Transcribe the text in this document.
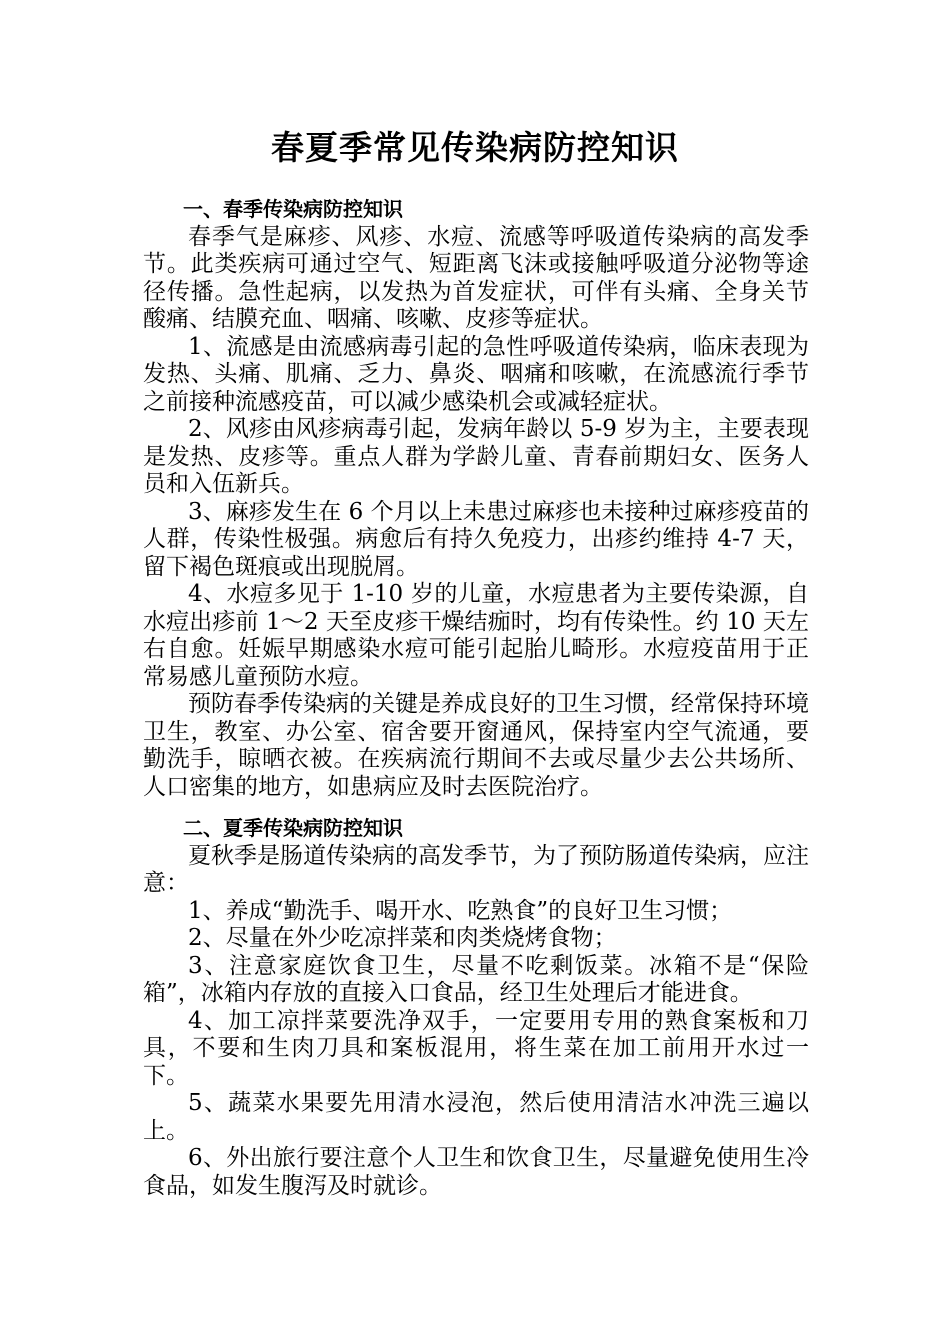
春夏季常见传染病防控知识

一、春季传染病防控知识

春季气是麻疹、风疹、水痘、流感等呼吸道传染病的高发季节。此类疾病可通过空气、短距离飞沫或接触呼吸道分泌物等途径传播。急性起病，以发热为首发症状，可伴有头痛、全身关节酸痛、结膜充血、咽痛、咳嗽、皮疹等症状。

1、流感是由流感病毒引起的急性呼吸道传染病，临床表现为发热、头痛、肌痛、乏力、鼻炎、咽痛和咳嗽，在流感流行季节之前接种流感疫苗，可以减少感染机会或减轻症状。

2、风疹由风疹病毒引起，发病年龄以 5-9 岁为主，主要表现是发热、皮疹等。重点人群为学龄儿童、青春前期妇女、医务人员和入伍新兵。

3、麻疹发生在 6 个月以上未患过麻疹也未接种过麻疹疫苗的人群，传染性极强。病愈后有持久免疫力，出疹约维持 4-7 天，留下褐色斑痕或出现脱屑。

4、水痘多见于 1-10 岁的儿童，水痘患者为主要传染源，自水痘出疹前 1～2 天至皮疹干燥结痂时，均有传染性。约 10 天左右自愈。妊娠早期感染水痘可能引起胎儿畸形。水痘疫苗用于正常易感儿童预防水痘。

预防春季传染病的关键是养成良好的卫生习惯，经常保持环境卫生，教室、办公室、宿舍要开窗通风，保持室内空气流通，要勤洗手，晾晒衣被。在疾病流行期间不去或尽量少去公共场所、人口密集的地方，如患病应及时去医院治疗。

二、夏季传染病防控知识

夏秋季是肠道传染病的高发季节，为了预防肠道传染病，应注意：

1、养成“勤洗手、喝开水、吃熟食”的良好卫生习惯；

2、尽量在外少吃凉拌菜和肉类烧烤食物；

3、注意家庭饮食卫生，尽量不吃剩饭菜。冰箱不是“保险箱”，冰箱内存放的直接入口食品，经卫生处理后才能进食。

4、加工凉拌菜要洗净双手，一定要用专用的熟食案板和刀具，不要和生肉刀具和案板混用，将生菜在加工前用开水过一下。

5、蔬菜水果要先用清水浸泡，然后使用清洁水冲洗三遍以上。

6、外出旅行要注意个人卫生和饮食卫生，尽量避免使用生冷食品，如发生腹泻及时就诊。
